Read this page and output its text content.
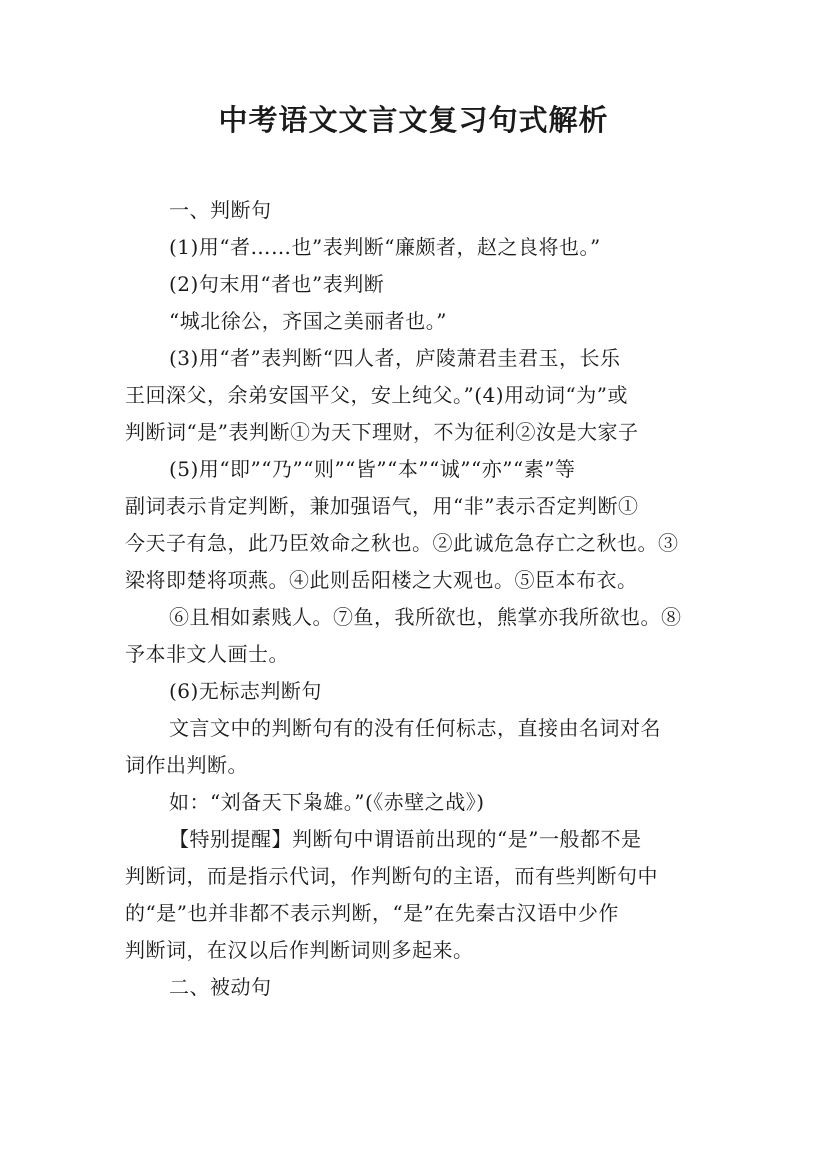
中考语文文言文复习句式解析
一、判断句
(1)用“者……也”表判断“廉颇者，赵之良将也。”
(2)句末用“者也”表判断
“城北徐公，齐国之美丽者也。”
(3)用“者”表判断“四人者，庐陵萧君圭君玉，长乐
王回深父，余弟安国平父，安上纯父。”(4)用动词“为”或
判断词“是”表判断①为天下理财，不为征利②汝是大家子
(5)用“即”“乃”“则”“皆”“本”“诚”“亦”“素”等
副词表示肯定判断，兼加强语气，用“非”表示否定判断①
今天子有急，此乃臣效命之秋也。②此诚危急存亡之秋也。③
梁将即楚将项燕。④此则岳阳楼之大观也。⑤臣本布衣。
⑥且相如素贱人。⑦鱼，我所欲也，熊掌亦我所欲也。⑧
予本非文人画士。
(6)无标志判断句
文言文中的判断句有的没有任何标志，直接由名词对名
词作出判断。
如：“刘备天下枭雄。”(《赤壁之战》)
【特别提醒】判断句中谓语前出现的“是”一般都不是
判断词，而是指示代词，作判断句的主语，而有些判断句中
的“是”也并非都不表示判断，“是”在先秦古汉语中少作
判断词，在汉以后作判断词则多起来。
二、被动句
